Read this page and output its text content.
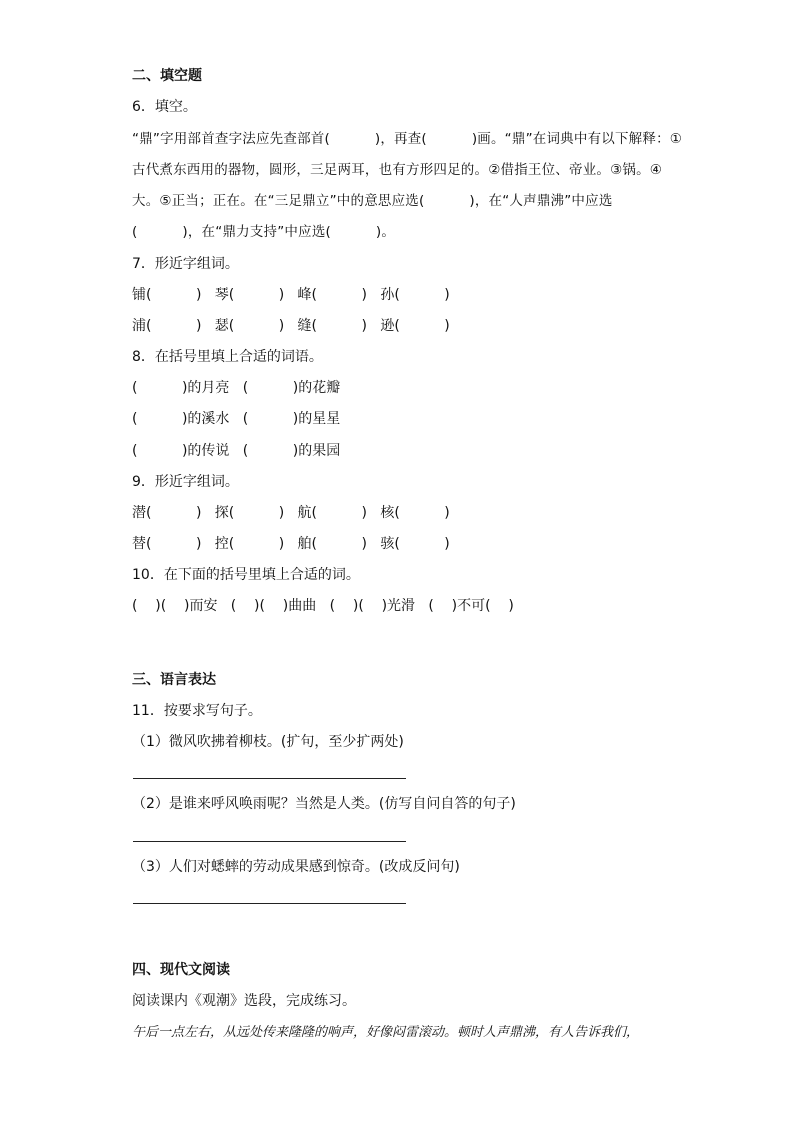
二、填空题
6．填空。
“鼎”字用部首查字法应先查部首(          )，再查(          )画。“鼎”在词典中有以下解释：①
古代煮东西用的器物，圆形，三足两耳，也有方形四足的。②借指王位、帝业。③锅。④
大。⑤正当；正在。在“三足鼎立”中的意思应选(          )，在“人声鼎沸”中应选
(          )，在“鼎力支持”中应选(          )。
7．形近字组词。
铺(          )   琴(          )   峰(          )   孙(          )
浦(          )   瑟(          )   缝(          )   逊(          )
8．在括号里填上合适的词语。
(          )的月亮   (          )的花瓣
(          )的溪水   (          )的星星
(          )的传说   (          )的果园
9．形近字组词。
潜(          )   探(          )   航(          )   核(          )
替(          )   控(          )   舶(          )   骇(          )
10．在下面的括号里填上合适的词。
(    )(    )而安   (    )(    )曲曲   (    )(    )光滑   (    )不可(    )
三、语言表达
11．按要求写句子。
（1）微风吹拂着柳枝。(扩句，至少扩两处)
（2）是谁来呼风唤雨呢？当然是人类。(仿写自问自答的句子)
（3）人们对蟋蟀的劳动成果感到惊奇。(改成反问句)
四、现代文阅读
阅读课内《观潮》选段，完成练习。
午后一点左右，从远处传来隆隆的响声，好像闷雷滚动。顿时人声鼎沸，有人告诉我们，
